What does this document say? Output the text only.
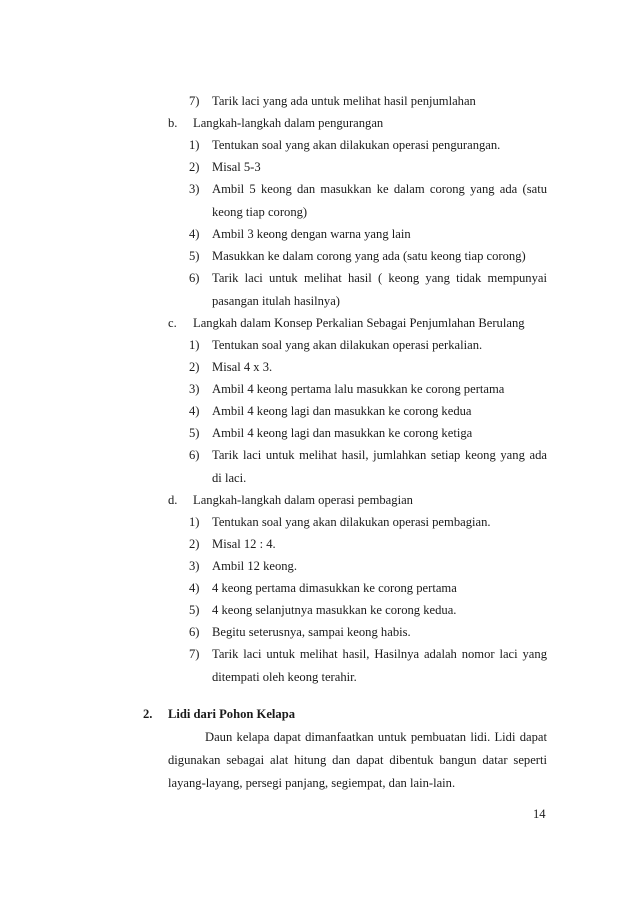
7) Tarik laci yang ada untuk melihat hasil penjumlahan
b. Langkah-langkah dalam pengurangan
1) Tentukan soal yang akan dilakukan operasi pengurangan.
2) Misal 5-3
3) Ambil 5 keong dan masukkan ke dalam corong yang ada (satu
keong tiap corong)
4) Ambil 3 keong dengan warna yang lain
5) Masukkan ke dalam corong yang ada (satu keong tiap corong)
6) Tarik laci untuk melihat hasil ( keong yang tidak mempunyai
pasangan itulah hasilnya)
c. Langkah dalam Konsep Perkalian Sebagai Penjumlahan Berulang
1) Tentukan soal yang akan dilakukan operasi perkalian.
2) Misal 4 x 3.
3) Ambil 4 keong pertama lalu masukkan ke corong pertama
4) Ambil 4 keong lagi dan masukkan ke corong kedua
5) Ambil 4 keong lagi dan masukkan ke corong ketiga
6) Tarik laci untuk melihat hasil, jumlahkan setiap keong yang ada
di laci.
d. Langkah-langkah dalam operasi pembagian
1) Tentukan soal yang akan dilakukan operasi pembagian.
2) Misal 12 : 4.
3) Ambil 12 keong.
4) 4 keong pertama dimasukkan ke corong pertama
5) 4 keong selanjutnya masukkan ke corong kedua.
6) Begitu seterusnya, sampai keong habis.
7) Tarik laci untuk melihat hasil, Hasilnya adalah nomor laci yang
ditempati oleh keong terahir.
2. Lidi dari Pohon Kelapa
Daun kelapa dapat dimanfaatkan untuk pembuatan lidi. Lidi dapat
digunakan sebagai alat hitung dan dapat dibentuk bangun datar seperti
layang-layang, persegi panjang, segiempat, dan lain-lain.
14
